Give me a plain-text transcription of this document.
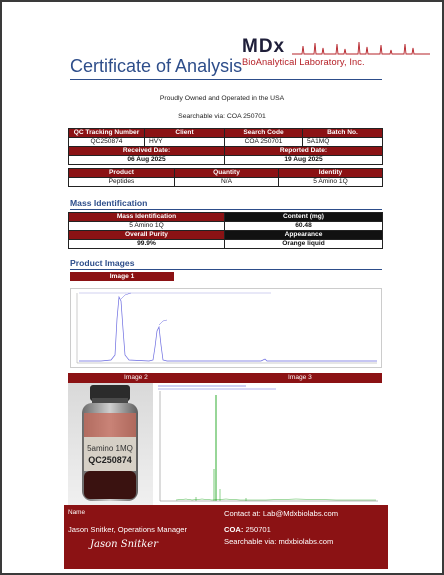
MDx
BioAnalytical Laboratory, Inc.
Certificate of Analysis
Proudly Owned and Operated in the USA
Searchable via: COA 250701
QC Tracking Number	Client	Search Code	Batch No.
QC250874	HVY	COA 250701	5A1MQ
Received Date:		Reported Date:	
06 Aug 2025		19 Aug 2025	
Product	Quantity	Identity
Peptides	N/A	5 Amino 1Q
Mass Identification
Mass Identification	Content (mg)
5 Amino 1Q	60.48
Overall Purity	Appearance
99.9%	Orange liquid
Product Images
Image 1
Image 2	Image 3
5amino 1MQ
QC250874
Name
Jason Snitker, Operations Manager
Jason Snitker
Contact at: Lab@Mdxbiolabs.com
COA: 250701
Searchable via: mdxbiolabs.com
